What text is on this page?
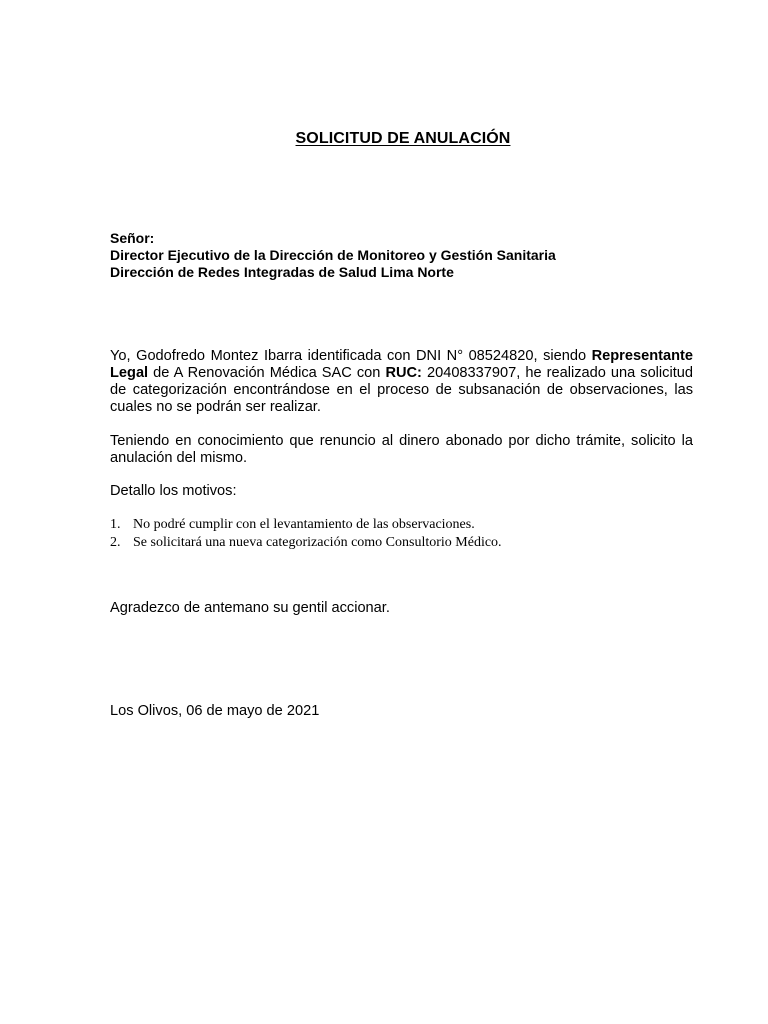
SOLICITUD DE ANULACIÓN
Señor:
Director Ejecutivo de la Dirección de Monitoreo y Gestión Sanitaria
Dirección de Redes Integradas de Salud Lima Norte
Yo, Godofredo Montez Ibarra identificada con DNI N° 08524820, siendo Representante Legal de A Renovación Médica SAC con RUC: 20408337907, he realizado una solicitud de categorización encontrándose en el proceso de subsanación de observaciones, las cuales no se podrán ser realizar.
Teniendo en conocimiento que renuncio al dinero abonado por dicho trámite, solicito la anulación del mismo.
Detallo los motivos:
1. No podré cumplir con el levantamiento de las observaciones.
2. Se solicitará una nueva categorización como Consultorio Médico.
Agradezco de antemano su gentil accionar.
Los Olivos, 06 de mayo de 2021
